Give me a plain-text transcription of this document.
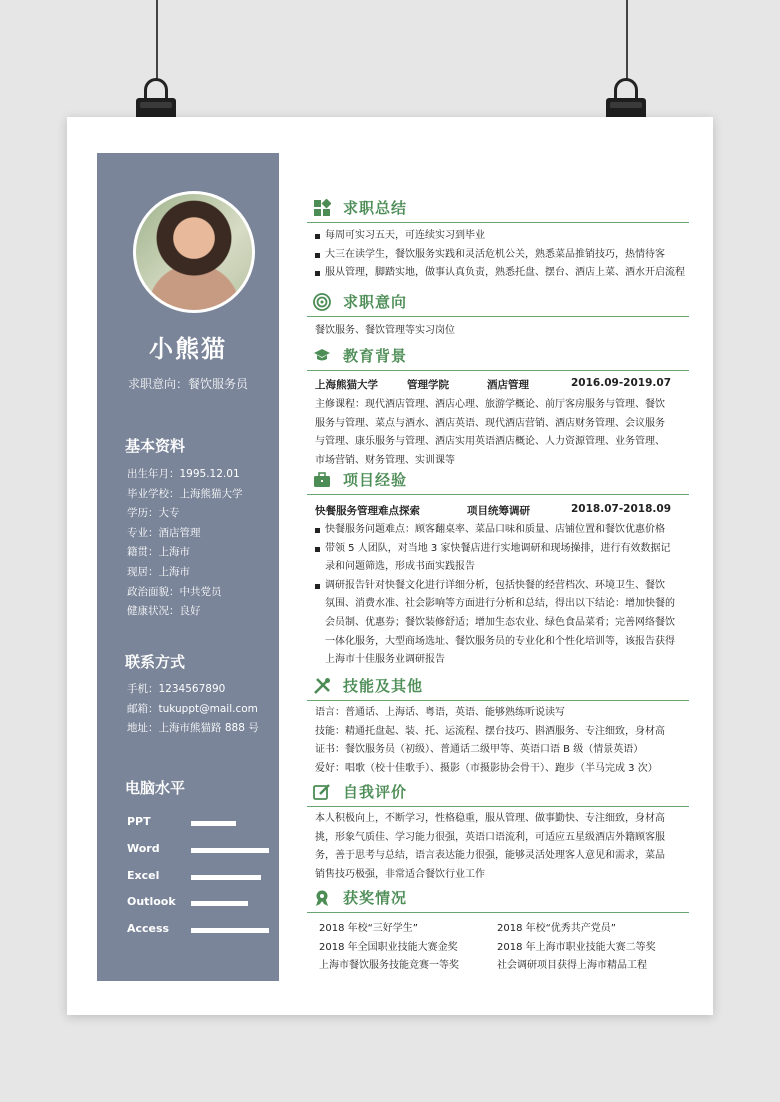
小熊猫
求职意向：餐饮服务员
基本资料
出生年月：1995.12.01
毕业学校：上海熊猫大学
学历：大专
专业：酒店管理
籍贯：上海市
现居：上海市
政治面貌：中共党员
健康状况：良好
联系方式
手机：1234567890
邮箱：tukuppt@mail.com
地址：上海市熊猫路 888 号
电脑水平
PPT
Word
Excel
Outlook
Access
求职总结
每周可实习五天，可连续实习到毕业
大三在读学生，餐饮服务实践和灵活危机公关，熟悉菜品推销技巧，热情待客
服从管理，脚踏实地，做事认真负责，熟悉托盘、摆台、酒店上菜、酒水开启流程
求职意向
餐饮服务、餐饮管理等实习岗位
教育背景
上海熊猫大学	管理学院	酒店管理	2016.09-2019.07
主修课程：现代酒店管理、酒店心理、旅游学概论、前厅客房服务与管理、餐饮
服务与管理、菜点与酒水、酒店英语、现代酒店营销、酒店财务管理、会议服务
与管理、康乐服务与管理、酒店实用英语酒店概论、人力资源管理、业务管理、
市场营销、财务管理、实训课等
项目经验
快餐服务管理难点探索	项目统筹调研	2018.07-2018.09
快餐服务问题难点：顾客翻桌率、菜品口味和质量、店铺位置和餐饮优惠价格
带领 5 人团队，对当地 3 家快餐店进行实地调研和现场操排，进行有效数据记
录和问题筛选，形成书面实践报告
调研报告针对快餐文化进行详细分析，包括快餐的经营档次、环境卫生、餐饮
氛围、消费水准、社会影响等方面进行分析和总结，得出以下结论：增加快餐的
会员制、优惠券；餐饮装修舒适；增加生态农业、绿色食品菜肴；完善网络餐饮
一体化服务，大型商场选址、餐饮服务员的专业化和个性化培训等，该报告获得
上海市十佳服务业调研报告
技能及其他
语言：普通话、上海话、粤语，英语、能够熟练听说读写
技能：精通托盘起、装、托、运流程、摆台技巧、斟酒服务、专注细致，身材高
证书：餐饮服务员（初级）、普通话二级甲等、英语口语 B 级（情景英语）
爱好：唱歌（校十佳歌手）、摄影（市摄影协会骨干）、跑步（半马完成 3 次）
自我评价
本人积极向上，不断学习，性格稳重，服从管理、做事勤快、专注细致，身材高
挑，形象气质佳、学习能力很强，英语口语流利，可适应五星级酒店外籍顾客服
务，善于思考与总结，语言表达能力很强，能够灵活处理客人意见和需求，菜品
销售技巧极强，非常适合餐饮行业工作
获奖情况
2018 年校“三好学生”	2018 年校“优秀共产党员”
2018 年全国职业技能大赛金奖	2018 年上海市职业技能大赛二等奖
上海市餐饮服务技能竞赛一等奖	社会调研项目获得上海市精品工程
